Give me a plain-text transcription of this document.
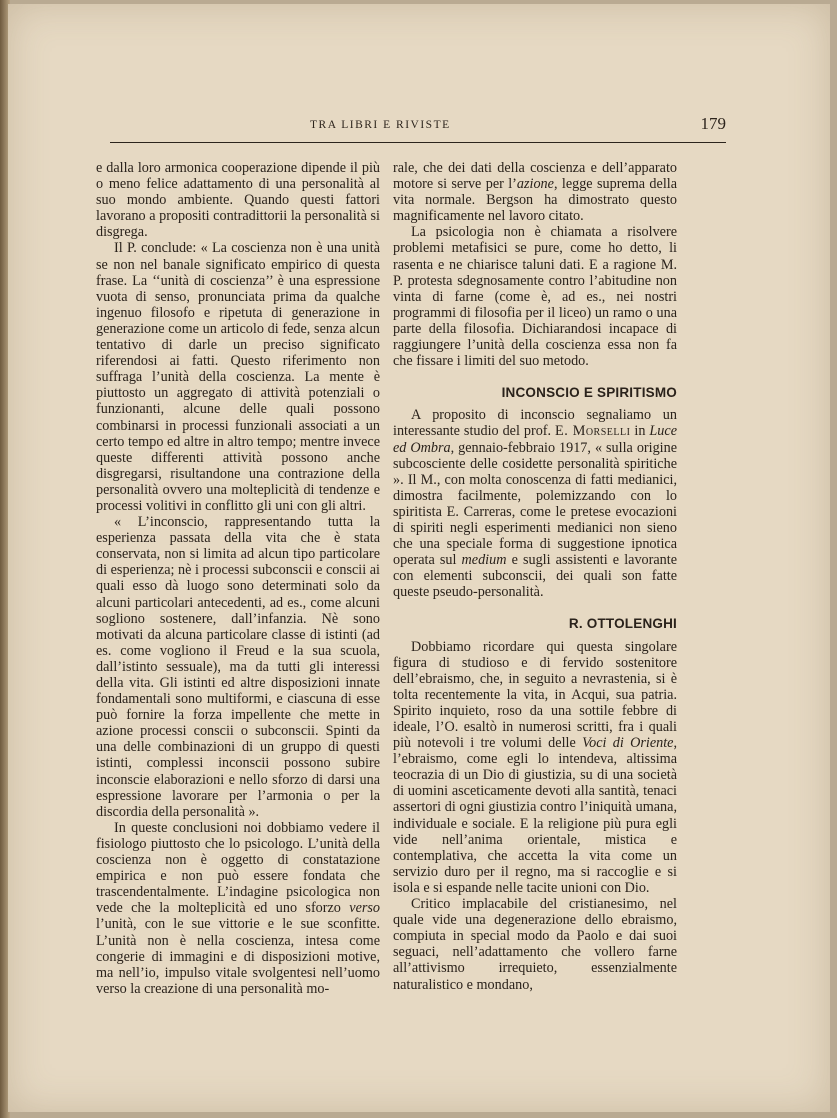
TRA LIBRI E RIVISTE	179

e dalla loro armonica cooperazione dipende il più o meno felice adattamento di una personalità al suo mondo ambiente. Quando questi fattori lavorano a propositi contradittorii la personalità si disgrega.

Il P. conclude: « La coscienza non è una unità se non nel banale significato empirico di questa frase. La ‘‘unità di coscienza’’ è una espressione vuota di senso, pronunciata prima da qualche ingenuo filosofo e ripetuta di generazione in generazione come un articolo di fede, senza alcun tentativo di darle un preciso significato riferendosi ai fatti. Questo riferimento non suffraga l’unità della coscienza. La mente è piuttosto un aggregato di attività potenziali o funzionanti, alcune delle quali possono combinarsi in processi funzionali associati a un certo tempo ed altre in altro tempo; mentre invece queste differenti attività possono anche disgregarsi, risultandone una contrazione della personalità ovvero una molteplicità di tendenze e processi volitivi in conflitto gli uni con gli altri.

« L’inconscio, rappresentando tutta la esperienza passata della vita che è stata conservata, non si limita ad alcun tipo particolare di esperienza; nè i processi subconscii e conscii ai quali esso dà luogo sono determinati solo da alcuni particolari antecedenti, ad es., come alcuni sogliono sostenere, dall’infanzia. Nè sono motivati da alcuna particolare classe di istinti (ad es. come vogliono il Freud e la sua scuola, dall’istinto sessuale), ma da tutti gli interessi della vita. Gli istinti ed altre disposizioni innate fondamentali sono multiformi, e ciascuna di esse può fornire la forza impellente che mette in azione processi conscii o subconscii. Spinti da una delle combinazioni di un gruppo di questi istinti, complessi inconscii possono subire inconscie elaborazioni e nello sforzo di darsi una espressione lavorare per l’armonia o per la discordia della personalità ».

In queste conclusioni noi dobbiamo vedere il fisiologo piuttosto che lo psicologo. L’unità della coscienza non è oggetto di constatazione empirica e non può essere fondata che trascendentalmente. L’indagine psicologica non vede che la molteplicità ed uno sforzo verso l’unità, con le sue vittorie e le sue sconfitte. L’unità non è nella coscienza, intesa come congerie di immagini e di disposizioni motive, ma nell’io, impulso vitale svolgentesi nell’uomo verso la creazione di una personalità mo-

rale, che dei dati della coscienza e dell’apparato motore si serve per l’azione, legge suprema della vita normale. Bergson ha dimostrato questo magnificamente nel lavoro citato.

La psicologia non è chiamata a risolvere problemi metafisici se pure, come ho detto, li rasenta e ne chiarisce taluni dati. E a ragione M. P. protesta sdegnosamente contro l’abitudine non vinta di farne (come è, ad es., nei nostri programmi di filosofia per il liceo) un ramo o una parte della filosofia. Dichiarandosi incapace di raggiungere l’unità della coscienza essa non fa che fissare i limiti del suo metodo.

INCONSCIO E SPIRITISMO

A proposito di inconscio segnaliamo un interessante studio del prof. E. Morselli in Luce ed Ombra, gennaio-febbraio 1917, « sulla origine subcosciente delle cosidette personalità spiritiche ». Il M., con molta conoscenza di fatti medianici, dimostra facilmente, polemizzando con lo spiritista E. Carreras, come le pretese evocazioni di spiriti negli esperimenti medianici non sieno che una speciale forma di suggestione ipnotica operata sul medium e sugli assistenti e lavorante con elementi subconscii, dei quali son fatte queste pseudo-personalità.

R. OTTOLENGHI

Dobbiamo ricordare qui questa singolare figura di studioso e di fervido sostenitore dell’ebraismo, che, in seguito a nevrastenia, si è tolta recentemente la vita, in Acqui, sua patria. Spirito inquieto, roso da una sottile febbre di ideale, l’O. esaltò in numerosi scritti, fra i quali più notevoli i tre volumi delle Voci di Oriente, l’ebraismo, come egli lo intendeva, altissima teocrazia di un Dio di giustizia, su di una società di uomini asceticamente devoti alla santità, tenaci assertori di ogni giustizia contro l’iniquità umana, individuale e sociale. E la religione più pura egli vide nell’anima orientale, mistica e contemplativa, che accetta la vita come un servizio duro per il regno, ma si raccoglie e si isola e si espande nelle tacite unioni con Dio.

Critico implacabile del cristianesimo, nel quale vide una degenerazione dello ebraismo, compiuta in special modo da Paolo e dai suoi seguaci, nell’adattamento che vollero farne all’attivismo irrequieto, essenzialmente naturalistico e mondano,
